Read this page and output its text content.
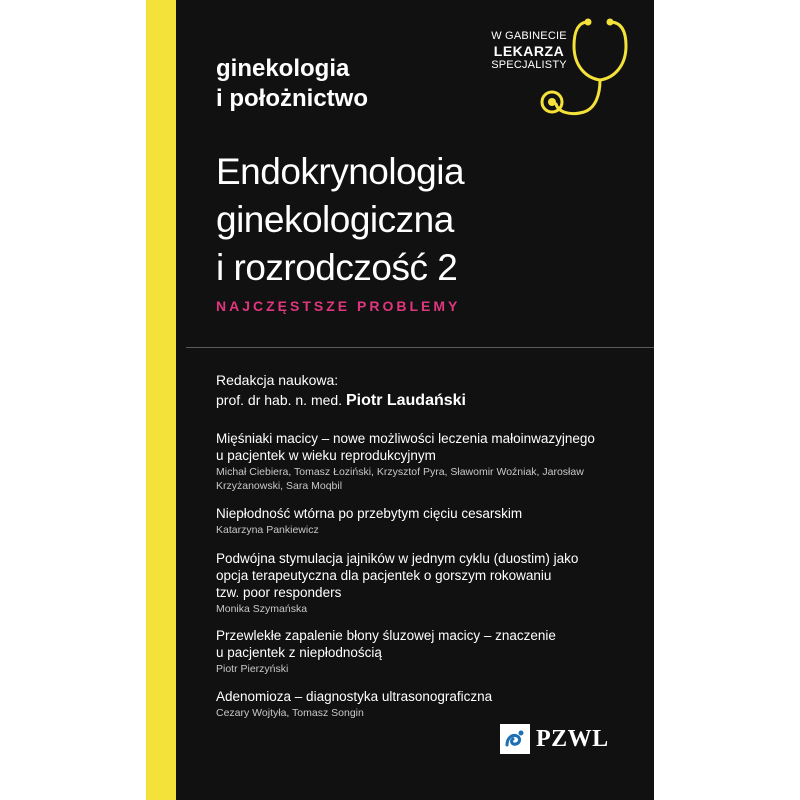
ginekologia
i położnictwo
W GABINECIE
LEKARZA
SPECJALISTY
Endokrynologia
ginekologiczna
i rozrodczość 2
NAJCZĘSTSZE PROBLEMY
Redakcja naukowa:
prof. dr hab. n. med. Piotr Laudański
Mięśniaki macicy – nowe możliwości leczenia małoinwazyjnego
u pacjentek w wieku reprodukcyjnym
Michał Ciebiera, Tomasz Łoziński, Krzysztof Pyra, Sławomir Woźniak, Jarosław
Krzyżanowski, Sara Moqbil
Niepłodność wtórna po przebytym cięciu cesarskim
Katarzyna Pankiewicz
Podwójna stymulacja jajników w jednym cyklu (duostim) jako
opcja terapeutyczna dla pacjentek o gorszym rokowaniu
tzw. poor responders
Monika Szymańska
Przewlekłe zapalenie błony śluzowej macicy – znaczenie
u pacjentek z niepłodnością
Piotr Pierzyński
Adenomioza – diagnostyka ultrasonograficzna
Cezary Wojtyła, Tomasz Songin
PZWL
